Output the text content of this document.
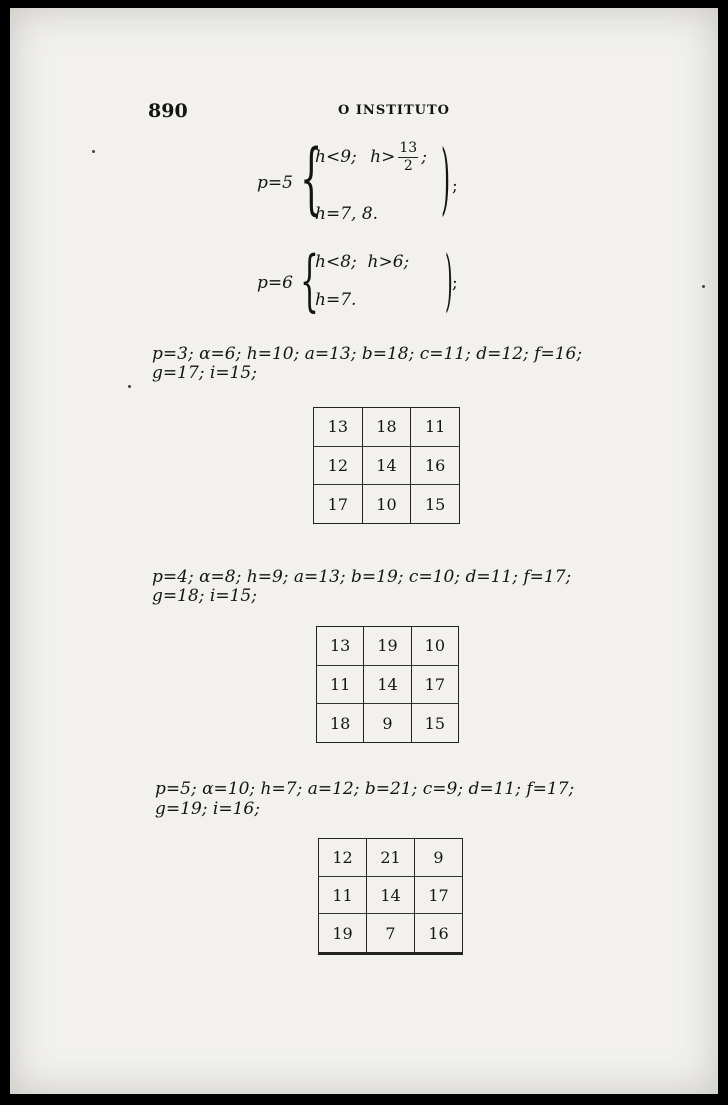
890	O INSTITUTO
p=5 {
h<9; $h> \frac{13}{2}$ ;
h=7, 8. ) ;
p=6 {
h<8;  h>6;
h=7. ) ;
p=3; α=6; h=10; a=13; b=18; c=11; d=12; f=16;
g=17; i=15;
13	18	11
12	14	16
17	10	15
p=4; α=8; h=9; a=13; b=19; c=10; d=11; f=17;
g=18; i=15;
13	19	10
11	14	17
18	9	15
p=5; α=10; h=7; a=12; b=21; c=9; d=11; f=17;
g=19; i=16;
12	21	9
11	14	17
19	7	16
